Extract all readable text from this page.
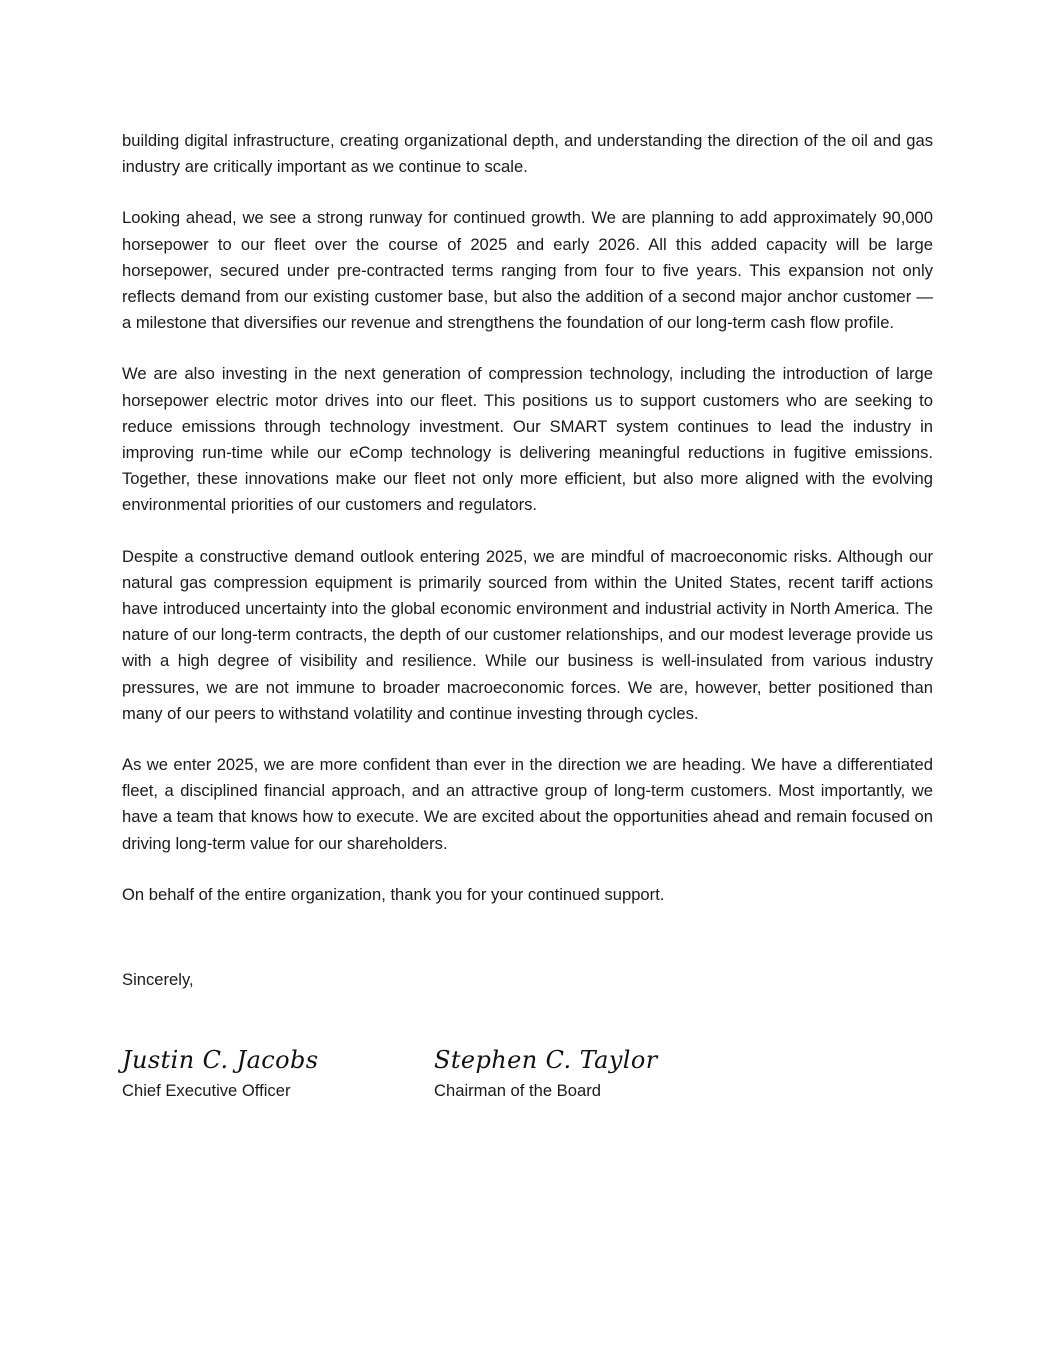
building digital infrastructure, creating organizational depth, and understanding the direction of the oil and gas industry are critically important as we continue to scale.

Looking ahead, we see a strong runway for continued growth. We are planning to add approximately 90,000 horsepower to our fleet over the course of 2025 and early 2026. All this added capacity will be large horsepower, secured under pre-contracted terms ranging from four to five years. This expansion not only reflects demand from our existing customer base, but also the addition of a second major anchor customer — a milestone that diversifies our revenue and strengthens the foundation of our long-term cash flow profile.

We are also investing in the next generation of compression technology, including the introduction of large horsepower electric motor drives into our fleet. This positions us to support customers who are seeking to reduce emissions through technology investment. Our SMART system continues to lead the industry in improving run-time while our eComp technology is delivering meaningful reductions in fugitive emissions. Together, these innovations make our fleet not only more efficient, but also more aligned with the evolving environmental priorities of our customers and regulators.

Despite a constructive demand outlook entering 2025, we are mindful of macroeconomic risks. Although our natural gas compression equipment is primarily sourced from within the United States, recent tariff actions have introduced uncertainty into the global economic environment and industrial activity in North America. The nature of our long-term contracts, the depth of our customer relationships, and our modest leverage provide us with a high degree of visibility and resilience. While our business is well-insulated from various industry pressures, we are not immune to broader macroeconomic forces. We are, however, better positioned than many of our peers to withstand volatility and continue investing through cycles.

As we enter 2025, we are more confident than ever in the direction we are heading. We have a differentiated fleet, a disciplined financial approach, and an attractive group of long-term customers. Most importantly, we have a team that knows how to execute. We are excited about the opportunities ahead and remain focused on driving long-term value for our shareholders.

On behalf of the entire organization, thank you for your continued support.

Sincerely,

Justin C. Jacobs
Chief Executive Officer
Stephen C. Taylor
Chairman of the Board
